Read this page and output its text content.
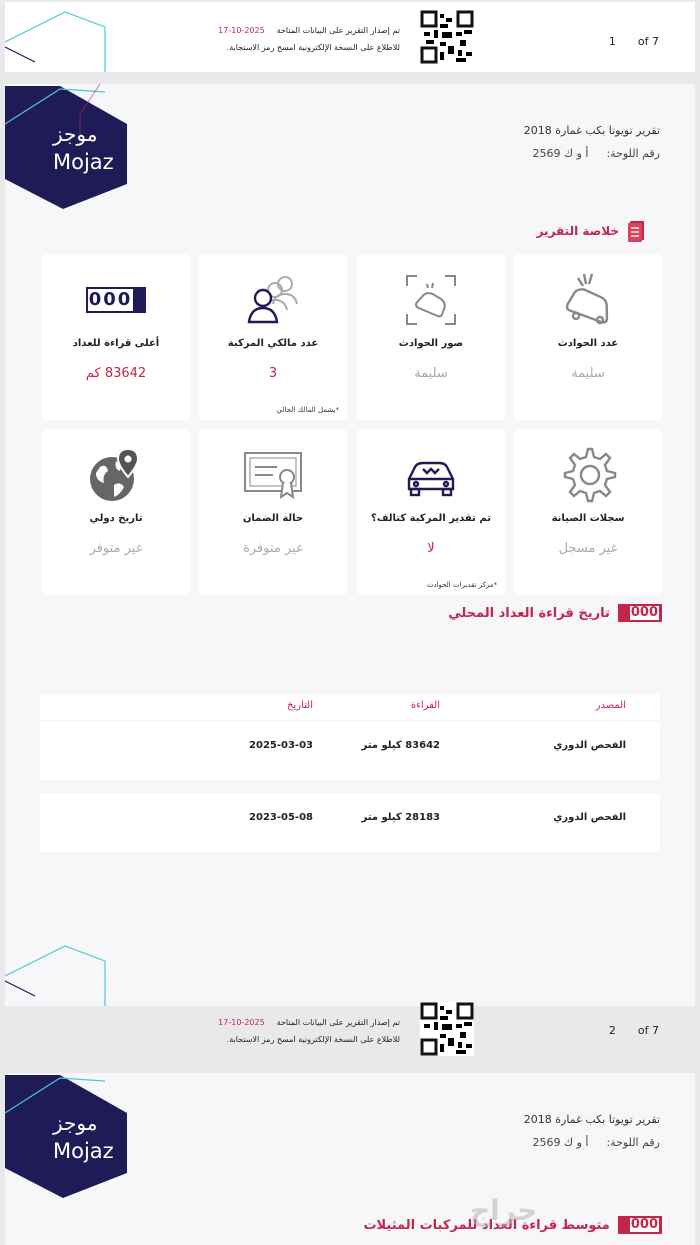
تم إصدار التقرير على البيانات المتاحة2025-10-17
للاطلاع على النسخة الإلكترونية امسح رمز الاستجابة.	1 of 7
موجز
Mojaz
تقرير تويوتا بكب غمارة 2018
رقم اللوحة:أ و ك 2569
خلاصة التقرير
عدد الحوادث
سليمة
صور الحوادث
سليمة
عدد مالكي المركبة
3
*يشمل المالك الحالي
000
أعلى قراءة للعداد
83642 كم
سجلات الصيانة
غير مسجل
تم تقدير المركبة كتالف؟
لا
*مركز تقديرات الحوادث
حالة الضمان
غير متوفرة
تاريخ دولي
غير متوفر
000
تاريخ قراءة العداد المحلي
المصدر
القراءة
التاريخ
الفحص الدوري
83642 كيلو متر
2025-03-03
الفحص الدوري
28183 كيلو متر
2023-05-08
تم إصدار التقرير على البيانات المتاحة2025-10-17
للاطلاع على النسخة الإلكترونية امسح رمز الاستجابة.
2 of 7
موجز
Mojaz
تقرير تويوتا بكب غمارة 2018
رقم اللوحة:أ و ك 2569
000
متوسط قراءة العداد للمركبات المثيلات
حراج
